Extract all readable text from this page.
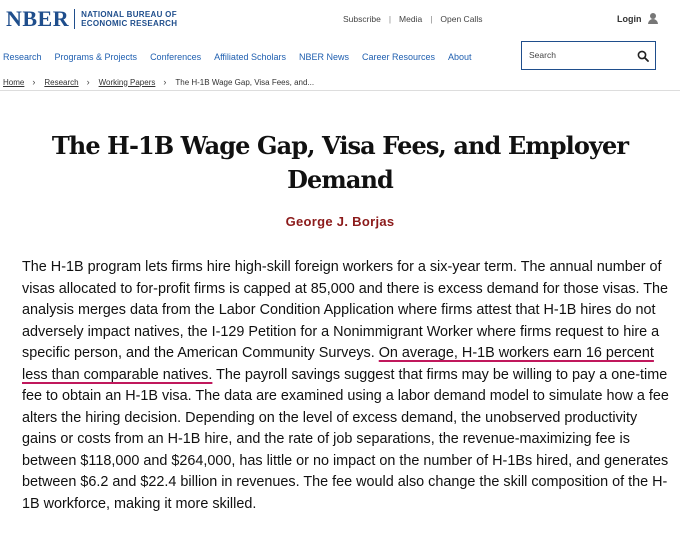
NBER NATIONAL BUREAU OF
ECONOMIC RESEARCH	Subscribe | Media | Open Calls	Login
Research Programs & Projects Conferences Affiliated Scholars NBER News Career Resources About
Search
Home › Research › Working Papers › The H-1B Wage Gap, Visa Fees, and...
The H-1B Wage Gap, Visa Fees, and Employer Demand
George J. Borjas

The H-1B program lets firms hire high-skill foreign workers for a six-year term. The annual number of visas allocated to for-profit firms is capped at 85,000 and there is excess demand for those visas. The analysis merges data from the Labor Condition Application where firms attest that H-1B hires do not adversely impact natives, the I-129 Petition for a Nonimmigrant Worker where firms request to hire a specific person, and the American Community Surveys. On average, H-1B workers earn 16 percent less than comparable natives. The payroll savings suggest that firms may be willing to pay a one-time fee to obtain an H-1B visa. The data are examined using a labor demand model to simulate how a fee alters the hiring decision. Depending on the level of excess demand, the unobserved productivity gains or costs from an H-1B hire, and the rate of job separations, the revenue-maximizing fee is between $118,000 and $264,000, has little or no impact on the number of H-1Bs hired, and generates between $6.2 and $22.4 billion in revenues. The fee would also change the skill composition of the H-1B workforce, making it more skilled.
